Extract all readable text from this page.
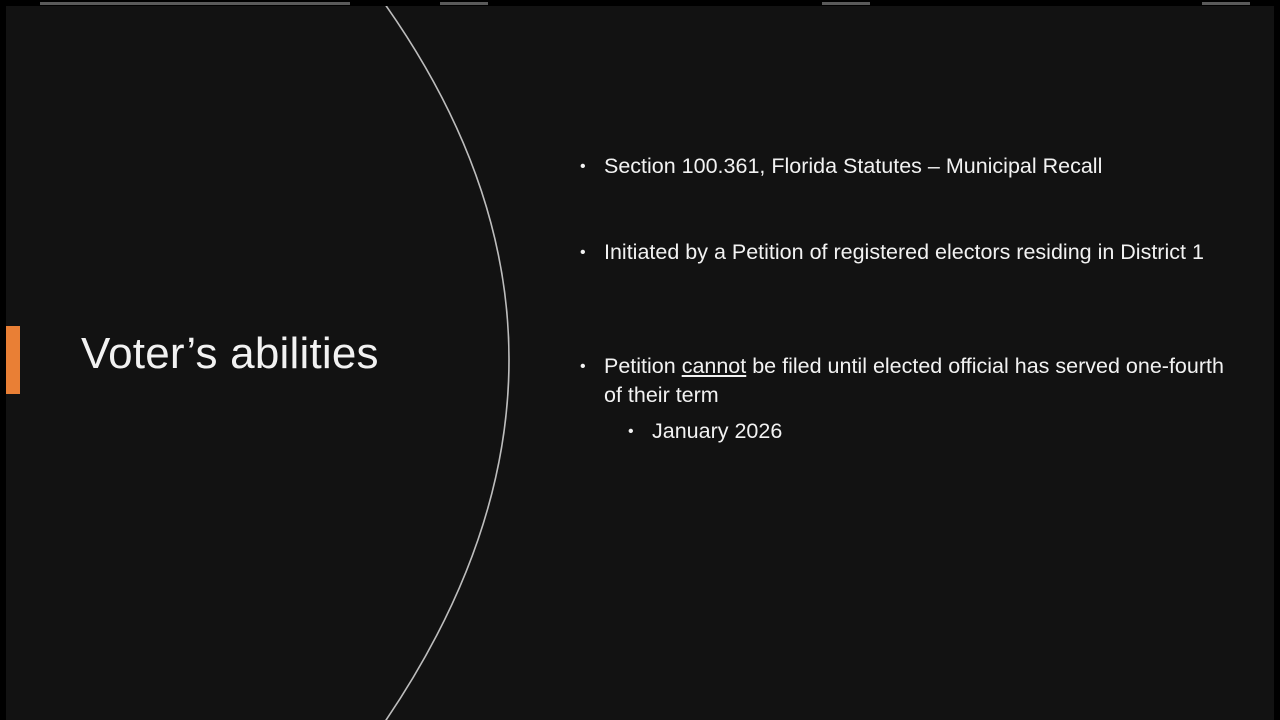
Voter’s abilities

• Section 100.361, Florida Statutes – Municipal Recall

• Initiated by a Petition of registered electors residing in District 1

• Petition cannot be filed until elected official has served one-fourth of their term

• January 2026
